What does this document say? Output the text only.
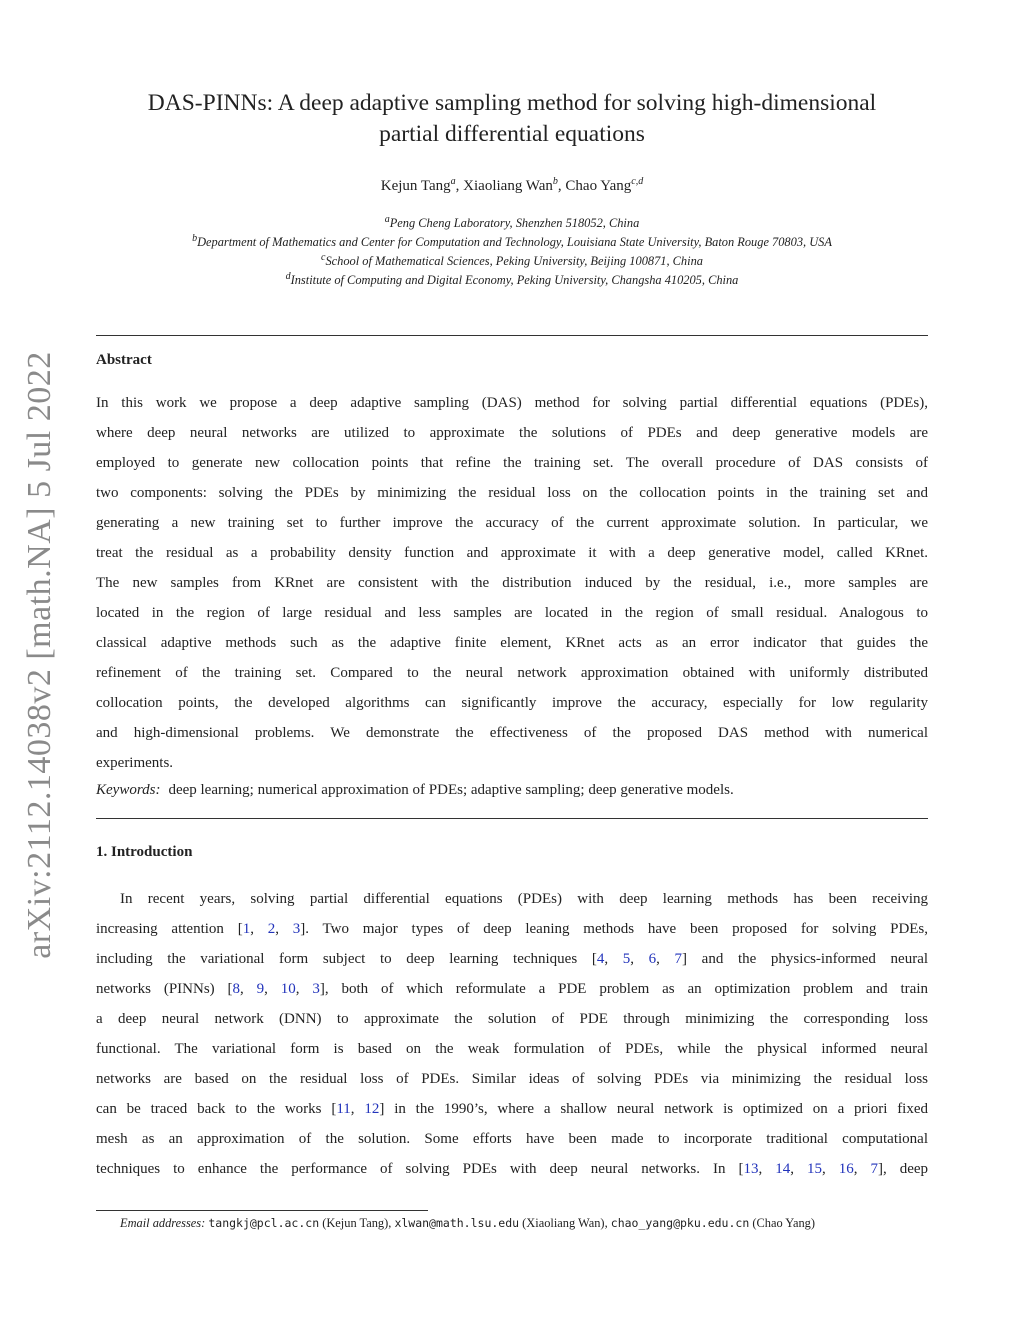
arXiv:2112.14038v2 [math.NA] 5 Jul 2022
DAS-PINNs: A deep adaptive sampling method for solving high-dimensional
partial differential equations
Kejun Tang$^a$, Xiaoliang Wan$^b$, Chao Yang$^{c,d}$
$^a$Peng Cheng Laboratory, Shenzhen 518052, China
$^b$Department of Mathematics and Center for Computation and Technology, Louisiana State University, Baton Rouge 70803, USA
$^c$School of Mathematical Sciences, Peking University, Beijing 100871, China
$^d$Institute of Computing and Digital Economy, Peking University, Changsha 410205, China
Abstract
In this work we propose a deep adaptive sampling (DAS) method for solving partial differential equations (PDEs),
where deep neural networks are utilized to approximate the solutions of PDEs and deep generative models are
employed to generate new collocation points that refine the training set. The overall procedure of DAS consists of
two components: solving the PDEs by minimizing the residual loss on the collocation points in the training set and
generating a new training set to further improve the accuracy of the current approximate solution. In particular, we
treat the residual as a probability density function and approximate it with a deep generative model, called KRnet.
The new samples from KRnet are consistent with the distribution induced by the residual, i.e., more samples are
located in the region of large residual and less samples are located in the region of small residual. Analogous to
classical adaptive methods such as the adaptive finite element, KRnet acts as an error indicator that guides the
refinement of the training set. Compared to the neural network approximation obtained with uniformly distributed
collocation points, the developed algorithms can significantly improve the accuracy, especially for low regularity
and high-dimensional problems. We demonstrate the effectiveness of the proposed DAS method with numerical
experiments.
Keywords: deep learning; numerical approximation of PDEs; adaptive sampling; deep generative models.
1. Introduction
In recent years, solving partial differential equations (PDEs) with deep learning methods has been receiving
increasing attention [1, 2, 3]. Two major types of deep leaning methods have been proposed for solving PDEs,
including the variational form subject to deep learning techniques [4, 5, 6, 7] and the physics-informed neural
networks (PINNs) [8, 9, 10, 3], both of which reformulate a PDE problem as an optimization problem and train
a deep neural network (DNN) to approximate the solution of PDE through minimizing the corresponding loss
functional. The variational form is based on the weak formulation of PDEs, while the physical informed neural
networks are based on the residual loss of PDEs. Similar ideas of solving PDEs via minimizing the residual loss
can be traced back to the works [11, 12] in the 1990’s, where a shallow neural network is optimized on a priori fixed
mesh as an approximation of the solution. Some efforts have been made to incorporate traditional computational
techniques to enhance the performance of solving PDEs with deep neural networks. In [13, 14, 15, 16, 7], deep
Email addresses: tangkj@pcl.ac.cn (Kejun Tang), xlwan@math.lsu.edu (Xiaoliang Wan), chao_yang@pku.edu.cn (Chao Yang)
